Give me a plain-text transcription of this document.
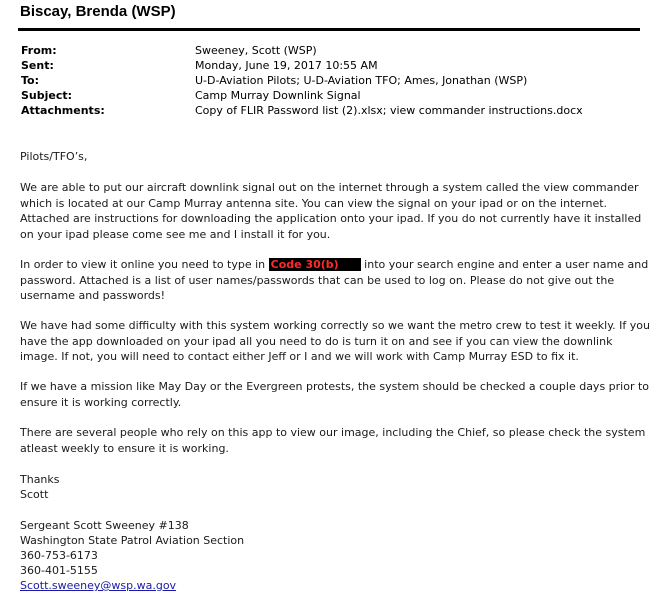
Biscay, Brenda (WSP)
From:	Sweeney, Scott (WSP)
Sent:	Monday, June 19, 2017 10:55 AM
To:	U-D-Aviation Pilots; U-D-Aviation TFO; Ames, Jonathan (WSP)
Subject:	Camp Murray Downlink Signal
Attachments:	Copy of FLIR Password list (2).xlsx; view commander instructions.docx
Pilots/TFO’s,
We are able to put our aircraft downlink signal out on the internet through a system called the view commander which is located at our Camp Murray antenna site. You can view the signal on your ipad or on the internet. Attached are instructions for downloading the application onto your ipad. If you do not currently have it installed on your ipad please come see me and I install it for you.
In order to view it online you need to type in Code 30(b) into your search engine and enter a user name and password. Attached is a list of user names/passwords that can be used to log on. Please do not give out the username and passwords!
We have had some difficulty with this system working correctly so we want the metro crew to test it weekly. If you have the app downloaded on your ipad all you need to do is turn it on and see if you can view the downlink image. If not, you will need to contact either Jeff or I and we will work with Camp Murray ESD to fix it.
If we have a mission like May Day or the Evergreen protests, the system should be checked a couple days prior to ensure it is working correctly.
There are several people who rely on this app to view our image, including the Chief, so please check the system atleast weekly to ensure it is working.
Thanks
Scott
Sergeant Scott Sweeney #138
Washington State Patrol Aviation Section
360-753-6173
360-401-5155
Scott.sweeney@wsp.wa.gov
